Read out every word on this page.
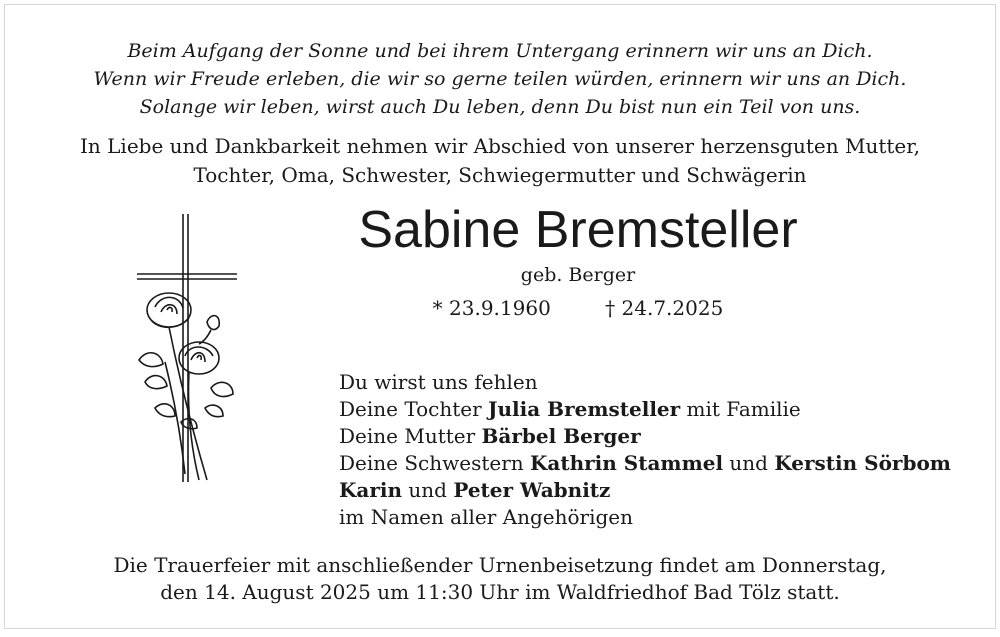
Beim Aufgang der Sonne und bei ihrem Untergang erinnern wir uns an Dich.
Wenn wir Freude erleben, die wir so gerne teilen würden, erinnern wir uns an Dich.
Solange wir leben, wirst auch Du leben, denn Du bist nun ein Teil von uns.
In Liebe und Dankbarkeit nehmen wir Abschied von unserer herzensguten Mutter,
Tochter, Oma, Schwester, Schwiegermutter und Schwägerin
Sabine Bremsteller
geb. Berger
* 23.9.1960	† 24.7.2025
Du wirst uns fehlen
Deine Tochter Julia Bremsteller mit Familie
Deine Mutter Bärbel Berger
Deine Schwestern Kathrin Stammel und Kerstin Sörbom
Karin und Peter Wabnitz
im Namen aller Angehörigen
Die Trauerfeier mit anschließender Urnenbeisetzung findet am Donnerstag,
den 14. August 2025 um 11:30 Uhr im Waldfriedhof Bad Tölz statt.
